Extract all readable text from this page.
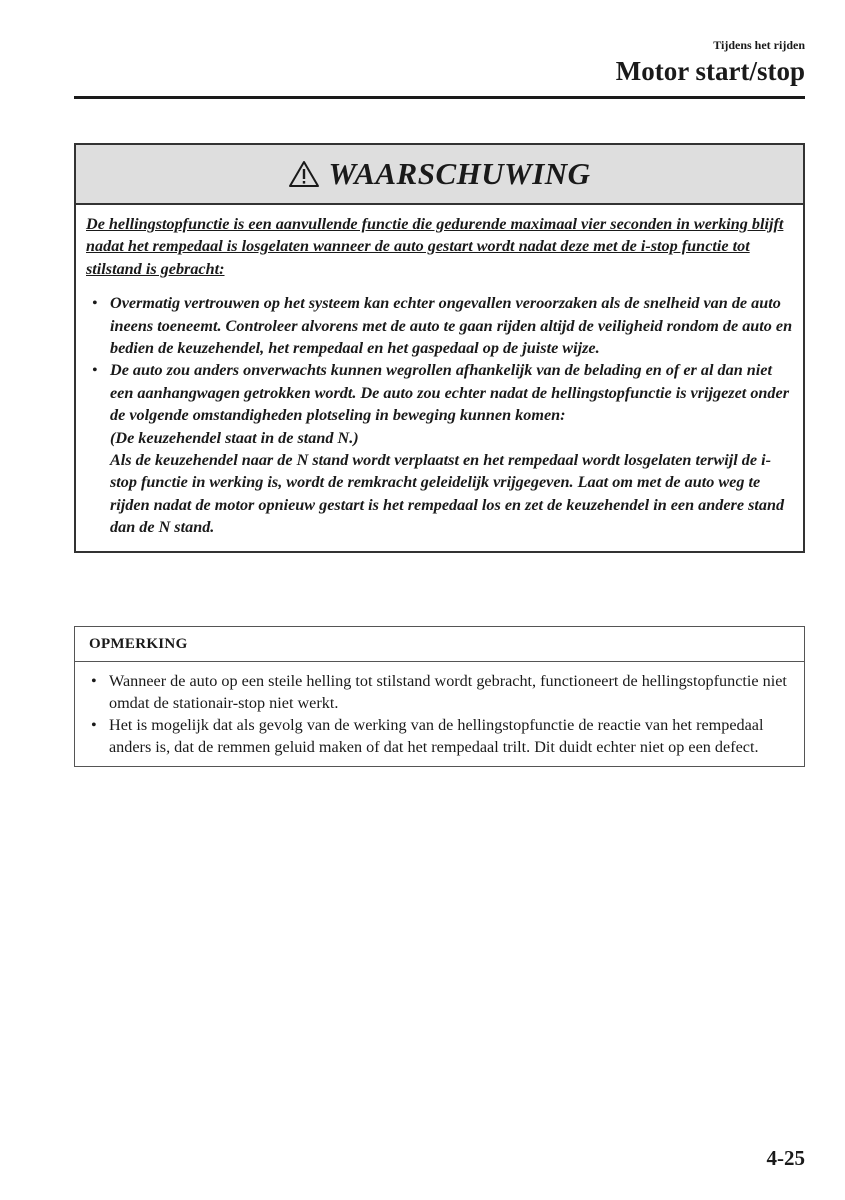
Tijdens het rijden
Motor start/stop
WAARSCHUWING

De hellingstopfunctie is een aanvullende functie die gedurende maximaal vier seconden in werking blijft nadat het rempedaal is losgelaten wanneer de auto gestart wordt nadat deze met de i-stop functie tot stilstand is gebracht:

• Overmatig vertrouwen op het systeem kan echter ongevallen veroorzaken als de snelheid van de auto ineens toeneemt. Controleer alvorens met de auto te gaan rijden altijd de veiligheid rondom de auto en bedien de keuzehendel, het rempedaal en het gaspedaal op de juiste wijze.
• De auto zou anders onverwachts kunnen wegrollen afhankelijk van de belading en of er al dan niet een aanhangwagen getrokken wordt. De auto zou echter nadat de hellingstopfunctie is vrijgezet onder de volgende omstandigheden plotseling in beweging kunnen komen:
(De keuzehendel staat in de stand N.)
Als de keuzehendel naar de N stand wordt verplaatst en het rempedaal wordt losgelaten terwijl de i-stop functie in werking is, wordt de remkracht geleidelijk vrijgegeven. Laat om met de auto weg te rijden nadat de motor opnieuw gestart is het rempedaal los en zet de keuzehendel in een andere stand dan de N stand.
OPMERKING
• Wanneer de auto op een steile helling tot stilstand wordt gebracht, functioneert de hellingstopfunctie niet omdat de stationair-stop niet werkt.
• Het is mogelijk dat als gevolg van de werking van de hellingstopfunctie de reactie van het rempedaal anders is, dat de remmen geluid maken of dat het rempedaal trilt. Dit duidt echter niet op een defect.
4-25
